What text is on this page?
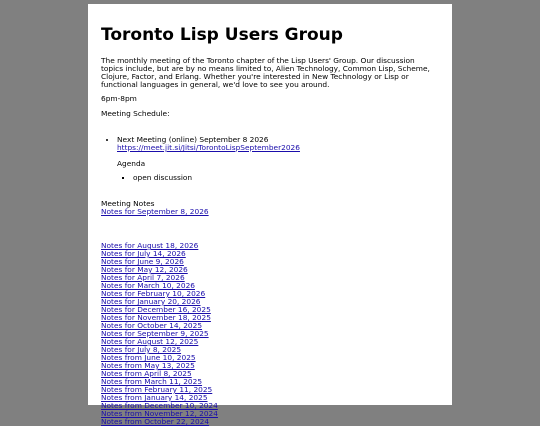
Toronto Lisp Users Group

The monthly meeting of the Toronto chapter of the Lisp Users' Group. Our discussion topics include, but are by no means limited to, Alien Technology, Common Lisp, Scheme, Clojure, Factor, and Erlang. Whether you're interested in New Technology or Lisp or functional languages in general, we'd love to see you around.

6pm-8pm

Meeting Schedule:

• Next Meeting (online) September 8 2026 https://meet.jit.si/Jitsi/TorontoLispSeptember2026

Agenda

▪ open discussion

Meeting Notes
Notes for September 8, 2026

Notes for August 18, 2026
Notes for July 14, 2026
Notes for June 9, 2026
Notes for May 12, 2026
Notes for April 7, 2026
Notes for March 10, 2026
Notes for February 10, 2026
Notes for January 20, 2026
Notes for December 16, 2025
Notes for November 18, 2025
Notes for October 14, 2025
Notes for September 9, 2025
Notes for August 12, 2025
Notes for July 8, 2025
Notes from June 10, 2025
Notes from May 13, 2025
Notes from April 8, 2025
Notes from March 11, 2025
Notes from February 11, 2025
Notes from January 14, 2025
Notes from December 10, 2024
Notes from November 12, 2024
Notes from October 22, 2024
